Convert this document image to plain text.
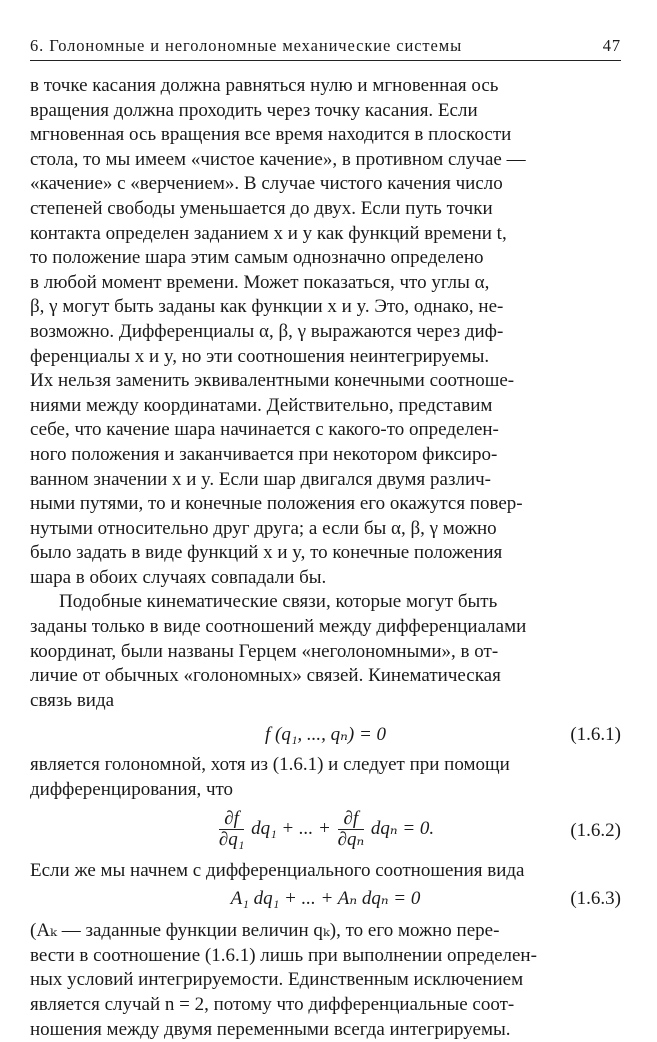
6. Голономные и неголономные механические системы	47

в точке касания должна равняться нулю и мгновенная ось
вращения должна проходить через точку касания. Если
мгновенная ось вращения все время находится в плоскости
стола, то мы имеем «чистое качение», в противном случае —
«качение» с «верчением». В случае чистого качения число
степеней свободы уменьшается до двух. Если путь точки
контакта определен заданием x и y как функций времени t,
то положение шара этим самым однозначно определено
в любой момент времени. Может показаться, что углы α,
β, γ могут быть заданы как функции x и y. Это, однако, не-
возможно. Дифференциалы α, β, γ выражаются через диф-
ференциалы x и y, но эти соотношения неинтегрируемы.
Их нельзя заменить эквивалентными конечными соотноше-
ниями между координатами. Действительно, представим
себе, что качение шара начинается с какого-то определен-
ного положения и заканчивается при некотором фиксиро-
ванном значении x и y. Если шар двигался двумя различ-
ными путями, то и конечные положения его окажутся повер-
нутыми относительно друг друга; а если бы α, β, γ можно
было задать в виде функций x и y, то конечные положения
шара в обоих случаях совпадали бы.

Подобные кинематические связи, которые могут быть
заданы только в виде соотношений между дифференциалами
координат, были названы Герцем «неголономными», в от-
личие от обычных «голономных» связей. Кинематическая
связь вида

f (q₁, ..., qₙ) = 0	(1.6.1)

является голономной, хотя из (1.6.1) и следует при помощи
дифференцирования, что

$\frac{\partial f}{\text{∂q₁}} dq_1$ + ... + $\frac{\partial f}{\text{∂qₙ}}$ dqₙ = 0.	(1.6.2)

Если же мы начнем с дифференциального соотношения вида

A₁ dq₁ + ... + Aₙ dqₙ = 0	(1.6.3)

(Aₖ — заданные функции величин qₖ), то его можно пере-
вести в соотношение (1.6.1) лишь при выполнении определен-
ных условий интегрируемости. Единственным исключением
является случай n = 2, потому что дифференциальные соот-
ношения между двумя переменными всегда интегрируемы.
